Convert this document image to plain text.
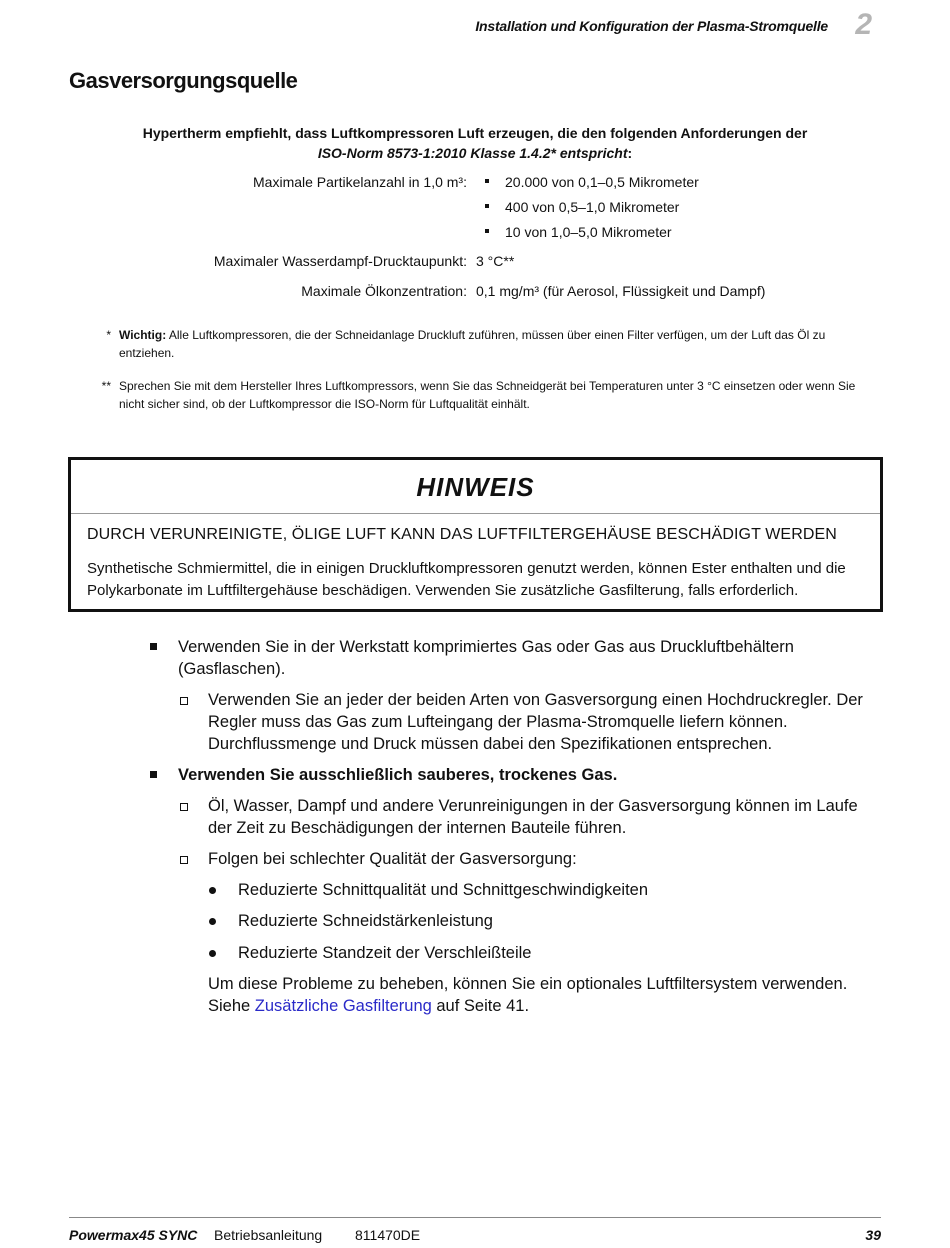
Installation und Konfiguration der Plasma-Stromquelle 2
Gasversorgungsquelle
Hypertherm empfiehlt, dass Luftkompressoren Luft erzeugen, die den folgenden Anforderungen der
ISO-Norm 8573-1:2010 Klasse 1.4.2* entspricht:
Maximale Partikelanzahl in 1,0 m³:	20.000 von 0,1–0,5 Mikrometer
400 von 0,5–1,0 Mikrometer
10 von 1,0–5,0 Mikrometer
Maximaler Wasserdampf-Drucktaupunkt: 3 °C**
Maximale Ölkonzentration: 0,1 mg/m³ (für Aerosol, Flüssigkeit und Dampf)
* Wichtig: Alle Luftkompressoren, die der Schneidanlage Druckluft zuführen, müssen über einen Filter verfügen, um der Luft das Öl zu entziehen.
** Sprechen Sie mit dem Hersteller Ihres Luftkompressors, wenn Sie das Schneidgerät bei Temperaturen unter 3 °C einsetzen oder wenn Sie nicht sicher sind, ob der Luftkompressor die ISO-Norm für Luftqualität einhält.
HINWEIS
DURCH VERUNREINIGTE, ÖLIGE LUFT KANN DAS LUFTFILTERGEHÄUSE BESCHÄDIGT WERDEN
Synthetische Schmiermittel, die in einigen Druckluftkompressoren genutzt werden, können Ester enthalten und die Polykarbonate im Luftfiltergehäuse beschädigen. Verwenden Sie zusätzliche Gasfilterung, falls erforderlich.
Verwenden Sie in der Werkstatt komprimiertes Gas oder Gas aus Druckluftbehältern (Gasflaschen).
Verwenden Sie an jeder der beiden Arten von Gasversorgung einen Hochdruckregler. Der Regler muss das Gas zum Lufteingang der Plasma-Stromquelle liefern können. Durchflussmenge und Druck müssen dabei den Spezifikationen entsprechen.
Verwenden Sie ausschließlich sauberes, trockenes Gas.
Öl, Wasser, Dampf und andere Verunreinigungen in der Gasversorgung können im Laufe der Zeit zu Beschädigungen der internen Bauteile führen.
Folgen bei schlechter Qualität der Gasversorgung:
Reduzierte Schnittqualität und Schnittgeschwindigkeiten
Reduzierte Schneidstärkenleistung
Reduzierte Standzeit der Verschleißteile
Um diese Probleme zu beheben, können Sie ein optionales Luftfiltersystem verwenden. Siehe Zusätzliche Gasfilterung auf Seite 41.
Powermax45 SYNC Betriebsanleitung 811470DE	39
